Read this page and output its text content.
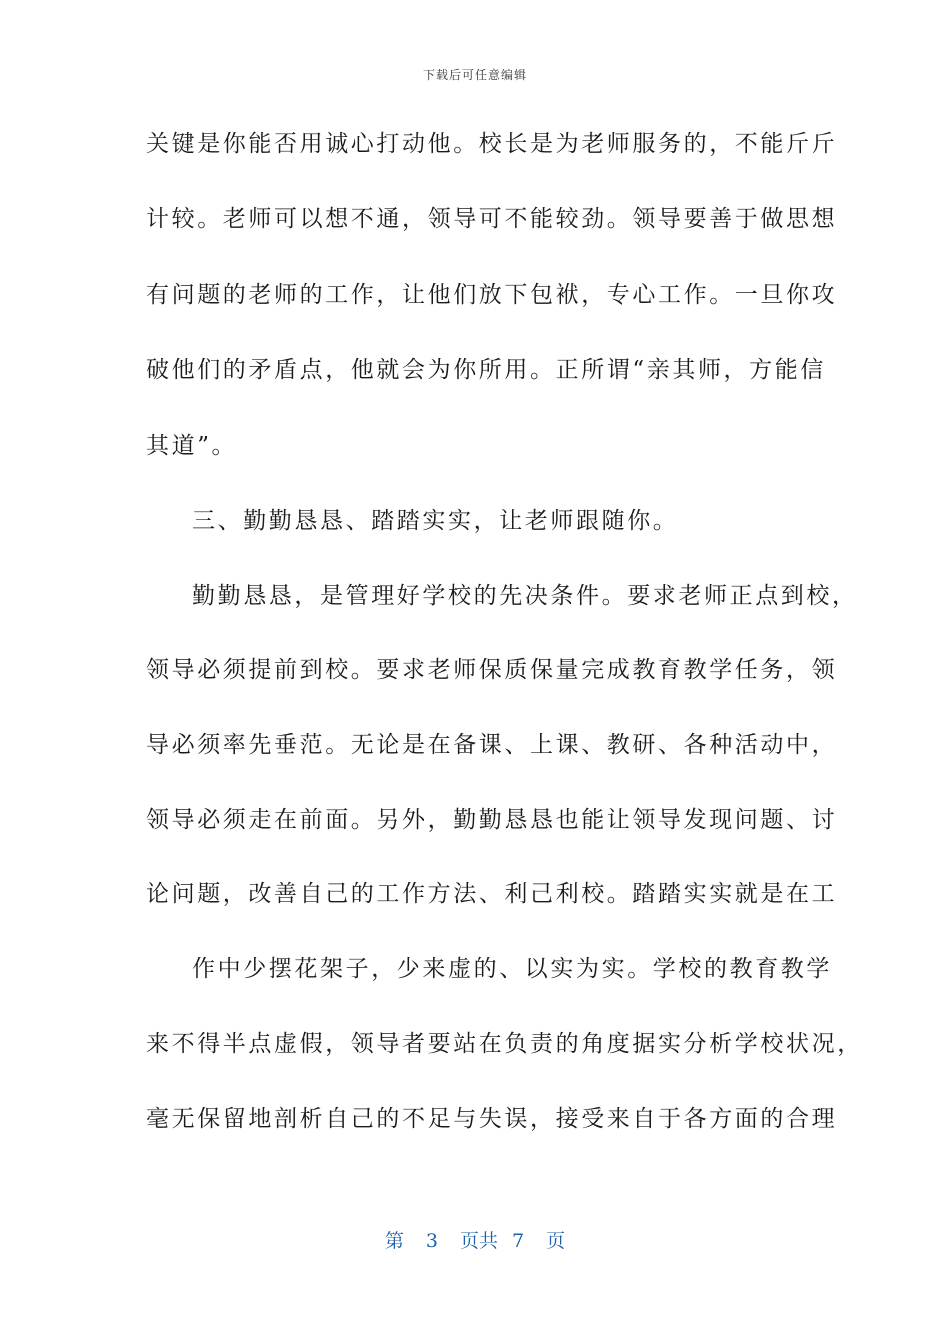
下载后可任意编辑
关键是你能否用诚心打动他。校长是为老师服务的，不能斤斤
计较。老师可以想不通，领导可不能较劲。领导要善于做思想
有问题的老师的工作，让他们放下包袱，专心工作。一旦你攻
破他们的矛盾点，他就会为你所用。正所谓“亲其师，方能信
其道”。
三、勤勤恳恳、踏踏实实，让老师跟随你。
勤勤恳恳，是管理好学校的先决条件。要求老师正点到校，
领导必须提前到校。要求老师保质保量完成教育教学任务，领
导必须率先垂范。无论是在备课、上课、教研、各种活动中，
领导必须走在前面。另外，勤勤恳恳也能让领导发现问题、讨
论问题，改善自己的工作方法、利己利校。踏踏实实就是在工
作中少摆花架子，少来虚的、以实为实。学校的教育教学
来不得半点虚假，领导者要站在负责的角度据实分析学校状况，
毫无保留地剖析自己的不足与失误，接受来自于各方面的合理
第 3 页共 7 页
